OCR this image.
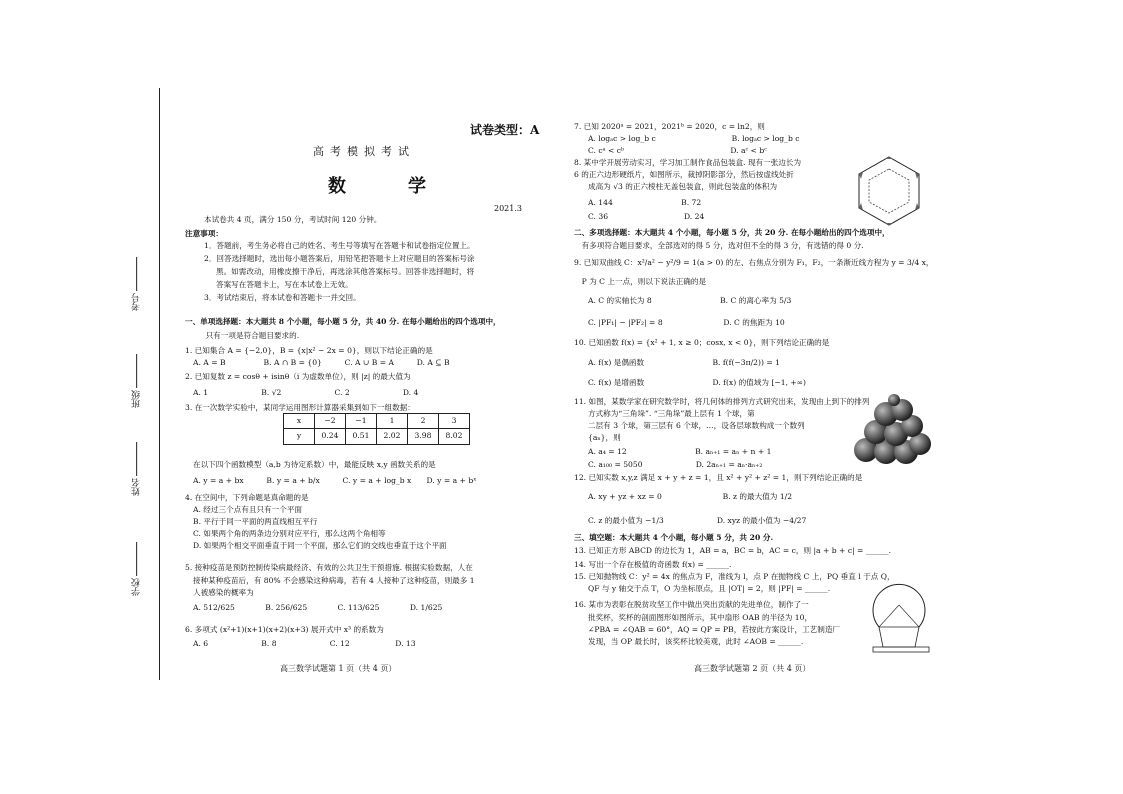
考号
班级
姓名
学校
试卷类型：A
高考模拟考试
数　学
2021.3
本试卷共 4 页，满分 150 分，考试时间 120 分钟。
注意事项：
1．答题前，考生务必将自己的姓名、考生号等填写在答题卡和试卷指定位置上。
2．回答选择题时，选出每小题答案后，用铅笔把答题卡上对应题目的答案标号涂
黑。如需改动，用橡皮擦干净后，再选涂其他答案标号。回答非选择题时，将
答案写在答题卡上，写在本试卷上无效。
3．考试结束后，将本试卷和答题卡一并交回。
一、单项选择题：本大题共 8 个小题，每小题 5 分，共 40 分. 在每小题给出的四个选项中，
　只有一项是符合题目要求的.
1. 已知集合 A = {−2,0}，B = {x|x² − 2x = 0}，则以下结论正确的是
A. A = B　　　　　B. A ∩ B = {0}　　　C. A ∪ B = A　　　D. A ⊆ B
2. 已知复数 z = cosθ + isinθ（i 为虚数单位），则 |z| 的最大值为
A. 1　　　　　　　B. √2　　　　　　　C. 2　　　　　　　D. 4
3. 在一次数学实验中，某同学运用图形计算器采集到如下一组数据：
在以下四个函数模型（a,b 为待定系数）中，最能反映 x,y 函数关系的是
A. y = a + bx　　　B. y = a + b/x　　　C. y = a + log_b x　　D. y = a + bˣ
4. 在空间中，下列命题是真命题的是
A. 经过三个点有且只有一个平面
B. 平行于同一平面的两直线相互平行
C. 如果两个角的两条边分别对应平行，那么这两个角相等
D. 如果两个相交平面垂直于同一个平面，那么它们的交线也垂直于这个平面
5. 接种疫苗是预防控制传染病最经济、有效的公共卫生干预措施. 根据实验数据，人在
接种某种疫苗后，有 80% 不会感染这种病毒，若有 4 人接种了这种疫苗，则最多 1
人被感染的概率为
A. 512/625　　　　B. 256/625　　　　C. 113/625　　　　D. 1/625
6. 多项式 (x²+1)(x+1)(x+2)(x+3) 展开式中 x³ 的系数为
A. 6　　　　　　　B. 8　　　　　　　C. 12　　　　　　D. 13
x	−2	−1	1	2	3
y	0.24	0.51	2.02	3.98	8.02
7. 已知 2020ᵃ = 2021，2021ᵇ = 2020，c = ln2，则
A. logₐc > log_b c　　　　　　　　　　B. logₐc > log_b c
C. cᵃ < cᵇ　　　　　　　　　　　　　　D. aᶜ < bᶜ
8. 某中学开展劳动实习，学习加工制作食品包装盒. 现有一张边长为
6 的正六边形硬纸片，如图所示，裁掉阴影部分，然后按虚线处折
成高为 √3 的正六棱柱无盖包装盒，则此包装盒的体积为
A. 144　　　　　　　　　B. 72
C. 36　　　　　　　　　　D. 24
二、多项选择题：本大题共 4 个小题，每小题 5 分，共 20 分. 在每小题给出的四个选项中，
　有多项符合题目要求，全部选对的得 5 分，选对但不全的得 3 分，有选错的得 0 分.
9. 已知双曲线 C：x²/a² − y²/9 = 1(a > 0) 的左、右焦点分别为 F₁，F₂，一条渐近线方程为 y = 3/4 x，
　P 为 C 上一点，则以下说法正确的是
A. C 的实轴长为 8　　　　　　　　　B. C 的离心率为 5/3
C. |PF₁| − |PF₂| = 8　　　　　　　　D. C 的焦距为 10
10. 已知函数 f(x) = {x² + 1, x ≥ 0；cosx, x < 0}，则下列结论正确的是
A. f(x) 是偶函数　　　　　　　　　B. f(f(−3π/2)) = 1
C. f(x) 是增函数　　　　　　　　　D. f(x) 的值域为 [−1, +∞)
11. 如图，某数学家在研究数学时，将几何体的排列方式研究出来，发现由上到下的排列
方式称为“三角垛”. “三角垛”最上层有 1 个球，第
二层有 3 个球，第三层有 6 个球，…，设各层球数构成一个数列
{aₙ}，则
A. a₄ = 12　　　　　　　　　B. aₙ₊₁ = aₙ + n + 1
C. a₁₀₀ = 5050　　　　　　　D. 2aₙ₊₁ = aₙ·aₙ₊₂
12. 已知实数 x,y,z 满足 x + y + z = 1，且 x² + y² + z² = 1，则下列结论正确的是
A. xy + yz + xz = 0　　　　　　　　B. z 的最大值为 1/2
C. z 的最小值为 −1/3　　　　　　　D. xyz 的最小值为 −4/27
三、填空题：本大题共 4 个小题，每小题 5 分，共 20 分.
13. 已知正方形 ABCD 的边长为 1，AB = a，BC = b，AC = c，则 |a + b + c| = ______.
14. 写出一个存在极值的奇函数 f(x) = ______.
15. 已知抛物线 C：y² = 4x 的焦点为 F，准线为 l，点 P 在抛物线 C 上，PQ 垂直 l 于点 Q，
QF 与 y 轴交于点 T，O 为坐标原点，且 |OT| = 2，则 |PF| = ______.
16. 某市为表彰在脱贫攻坚工作中做出突出贡献的先进单位，制作了一
批奖杯，奖杯的剖面图形如图所示，其中扇形 OAB 的半径为 10，
∠PBA = ∠QAB = 60°，AQ = QP = PB，若按此方案设计，工艺制造厂
发现，当 OP 最长时，该奖杯比较美观，此时 ∠AOB = ______.
高三数学试题第 1 页（共 4 页）	高三数学试题第 2 页（共 4 页）
